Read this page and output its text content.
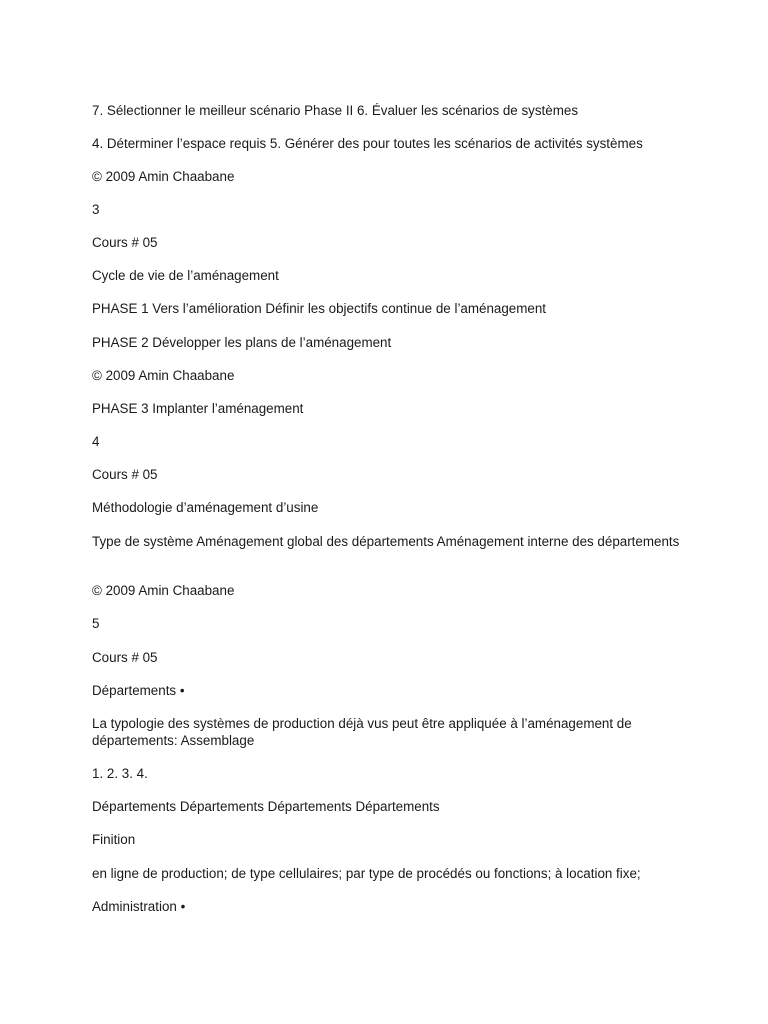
7. Sélectionner le meilleur scénario Phase II 6. Évaluer les scénarios de systèmes

4. Déterminer l’espace requis 5. Générer des pour toutes les scénarios de activités systèmes

© 2009 Amin Chaabane

3

Cours # 05

Cycle de vie de l’aménagement

PHASE 1 Vers l’amélioration Définir les objectifs continue de l’aménagement

PHASE 2 Développer les plans de l’aménagement

© 2009 Amin Chaabane

PHASE 3 Implanter l’aménagement

4

Cours # 05

Méthodologie d’aménagement d’usine

Type de système Aménagement global des départements Aménagement interne des départements

© 2009 Amin Chaabane

5

Cours # 05

Départements •

La typologie des systèmes de production déjà vus peut être appliquée à l’aménagement de départements: Assemblage

1. 2. 3. 4.

Départements Départements Départements Départements

Finition

en ligne de production; de type cellulaires; par type de procédés ou fonctions; à location fixe;

Administration •
